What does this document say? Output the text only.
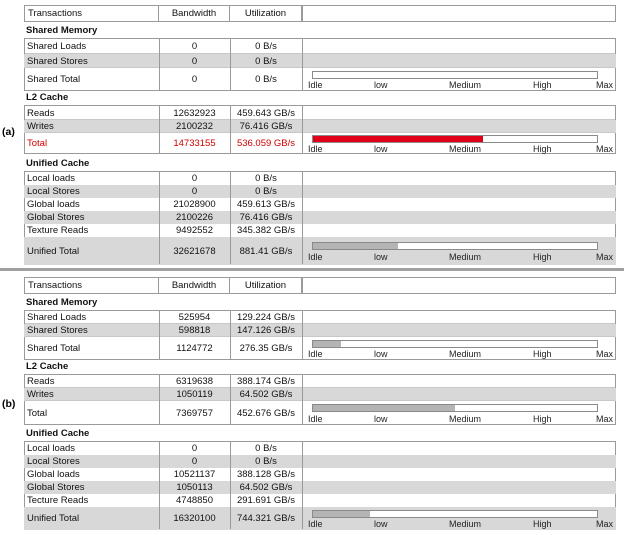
(a)
Transactions	Bandwidth	Utilization
Shared Memory
Shared Loads	0	0 B/s
Shared Stores	0	0 B/s
Shared Total	0	0 B/s	Idle	low	Medium	High	Max
L2 Cache
Reads	12632923	459.643 GB/s
Writes	2100232	76.416 GB/s
Total	14733155	536.059 GB/s	Idle	low	Medium	High	Max
Unified Cache
Local loads	0	0 B/s
Local Stores	0	0 B/s
Global loads	21028900	459.613 GB/s
Global Stores	2100226	76.416 GB/s
Texture Reads	9492552	345.382 GB/s
Unified Total	32621678	881.41 GB/s
Idle	low	Medium	High	Max
(b)
Transactions	Bandwidth	Utilization
Shared Memory
Shared Loads	525954	129.224 GB/s
Shared Stores	598818	147.126 GB/s
Shared Total	1124772	276.35 GB/s	Idle	low	Medium	High	Max
L2 Cache
Reads	6319638	388.174 GB/s
Writes	1050119	64.502 GB/s
Total	7369757	452.676 GB/s
Idle	low	Medium	High	Max
Unified Cache
Local loads	0	0 B/s
Local Stores	0	0 B/s
Global loads	10521137	388.128 GB/s
Global Stores	1050113	64.502 GB/s
Tecture Reads	4748850	291.691 GB/s
Unified Total	16320100	744.321 GB/s	Idle	low	Medium	High	Max
